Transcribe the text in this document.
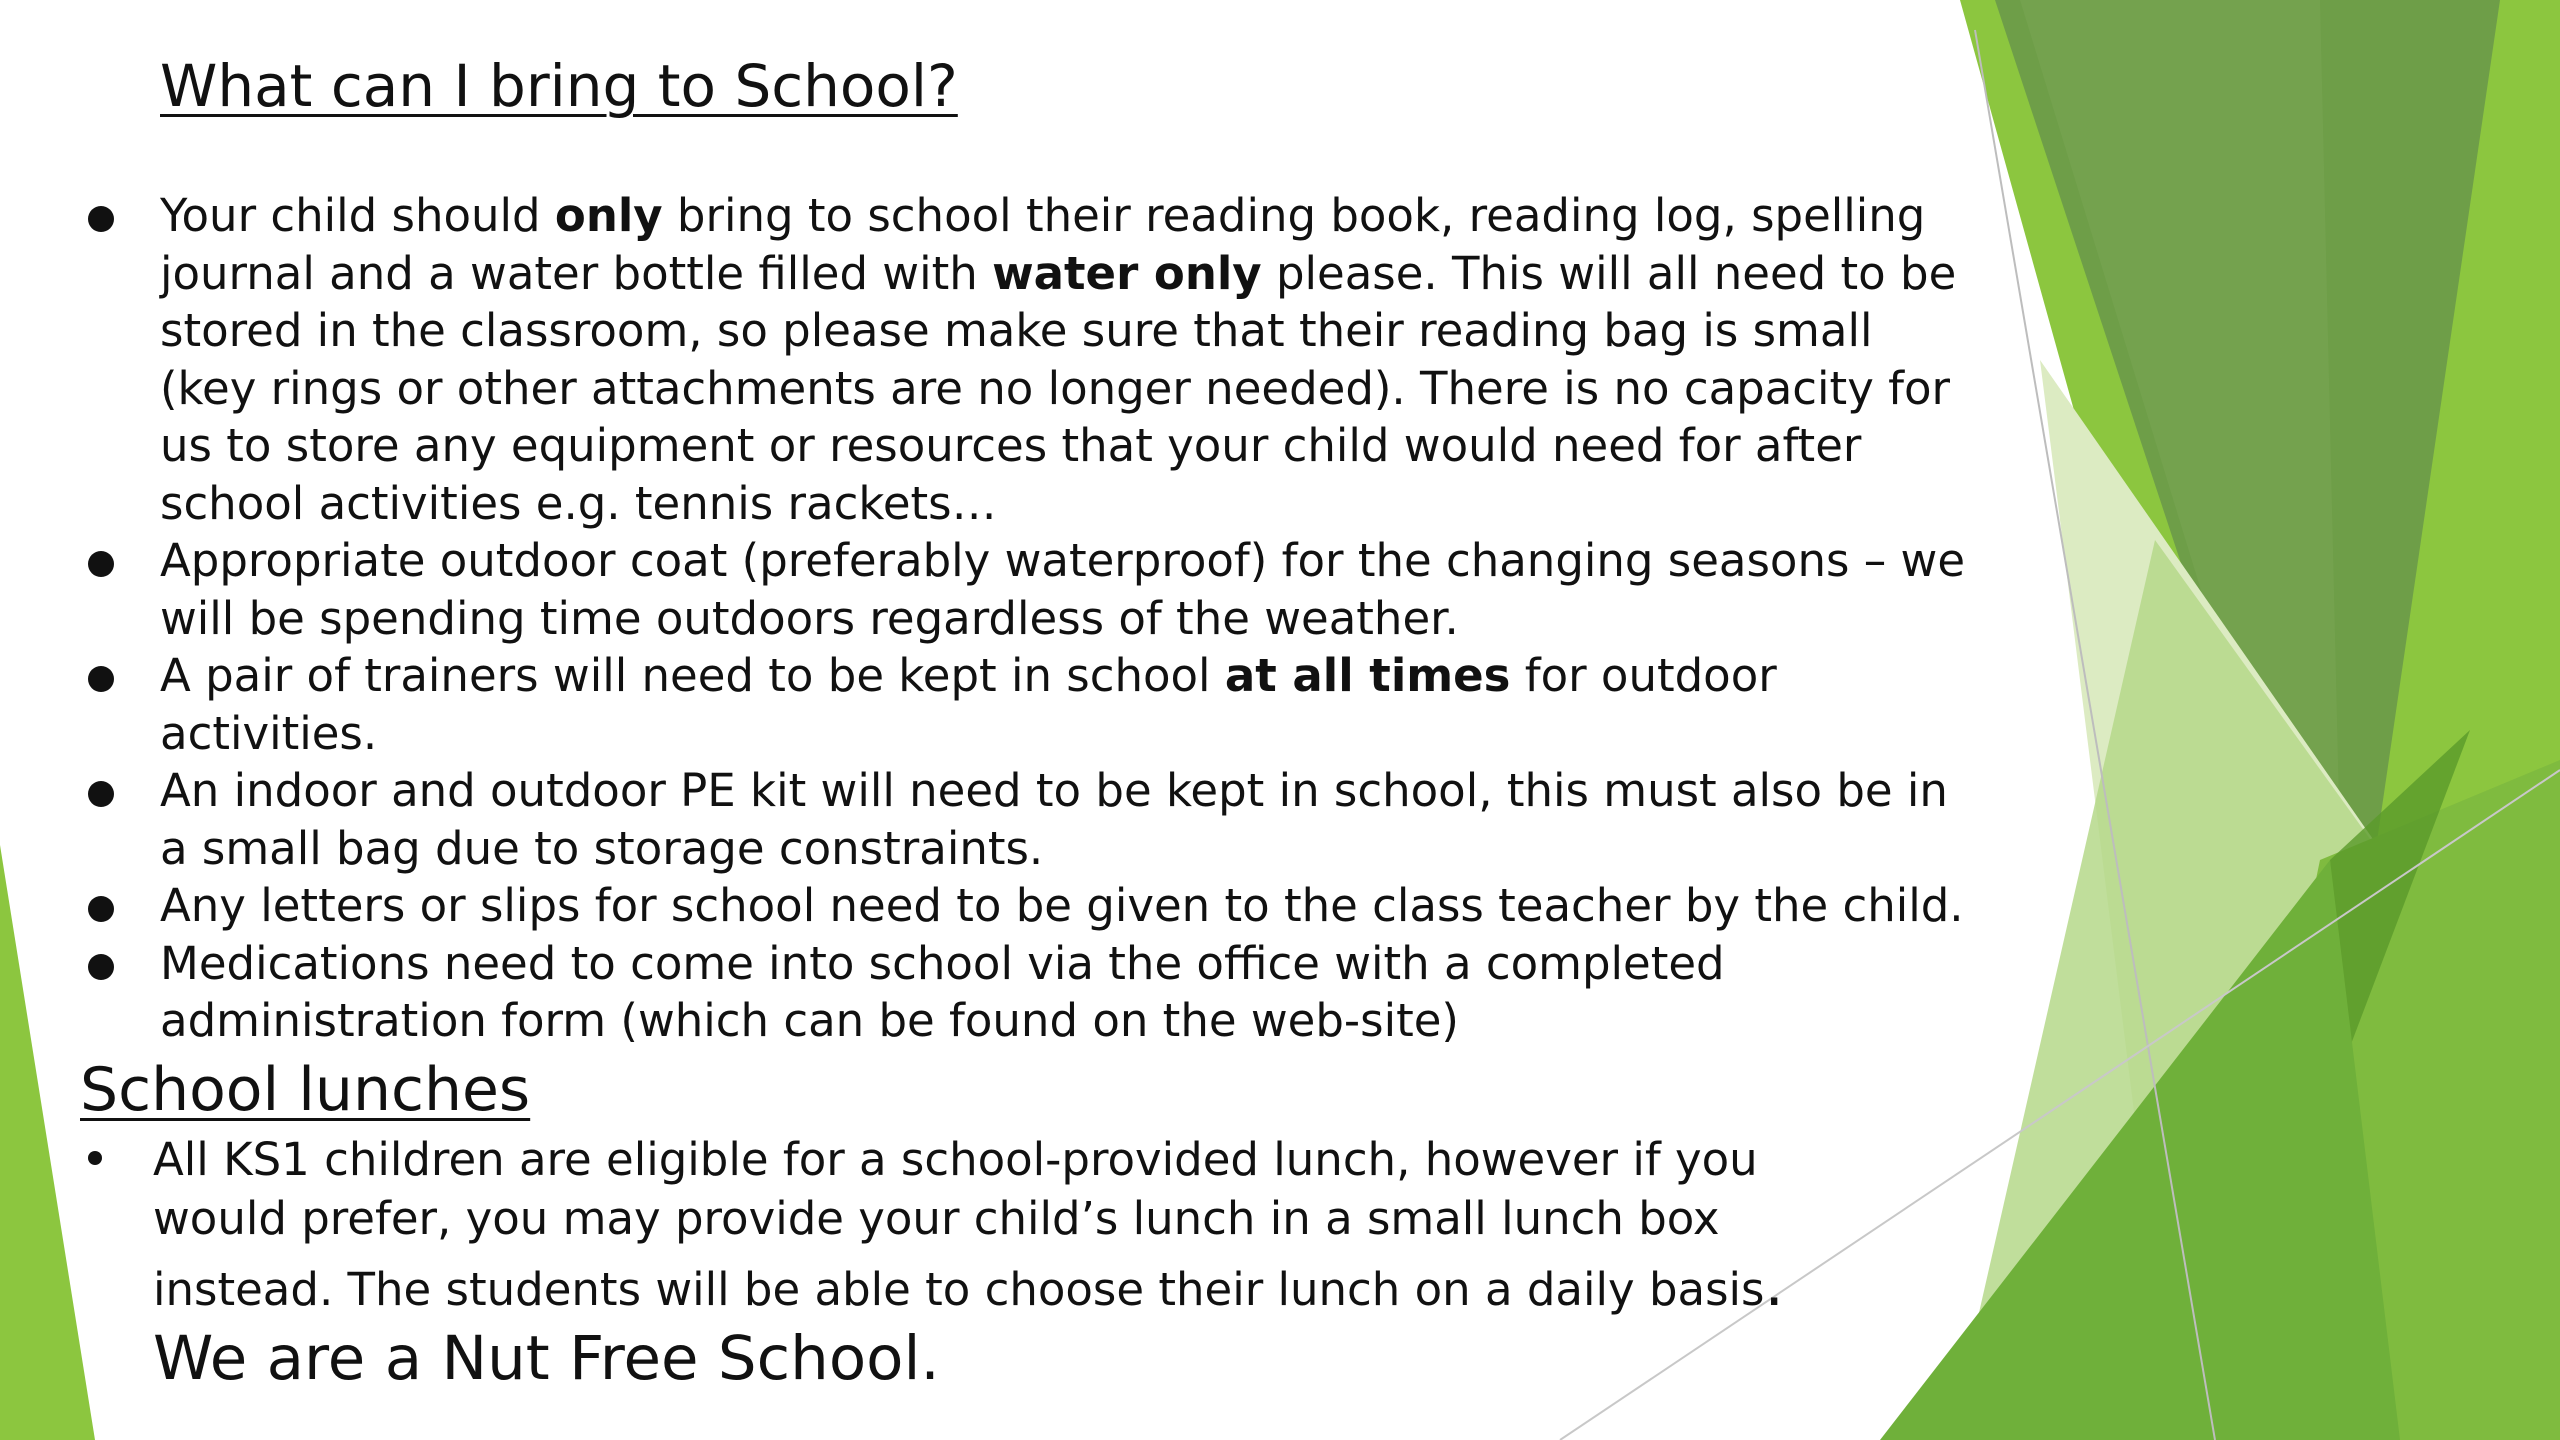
What can I bring to School?
Your child should only bring to school their reading book, reading log, spelling journal and a water bottle filled with water only please. This will all need to be stored in the classroom, so please make sure that their reading bag is small (key rings or other attachments are no longer needed). There is no capacity for us to store any equipment or resources that your child would need for after school activities e.g. tennis rackets…
Appropriate outdoor coat (preferably waterproof) for the changing seasons – we will be spending time outdoors regardless of the weather.
A pair of trainers will need to be kept in school at all times for outdoor activities.
An indoor and outdoor PE kit will need to be kept in school, this must also be in a small bag due to storage constraints.
Any letters or slips for school need to be given to the class teacher by the child.
Medications need to come into school via the office with a completed administration form (which can be found on the web-site)
School lunches
All KS1 children are eligible for a school-provided lunch, however if you would prefer, you may provide your child’s lunch in a small lunch box instead. The students will be able to choose their lunch on a daily basis. We are a Nut Free School.
